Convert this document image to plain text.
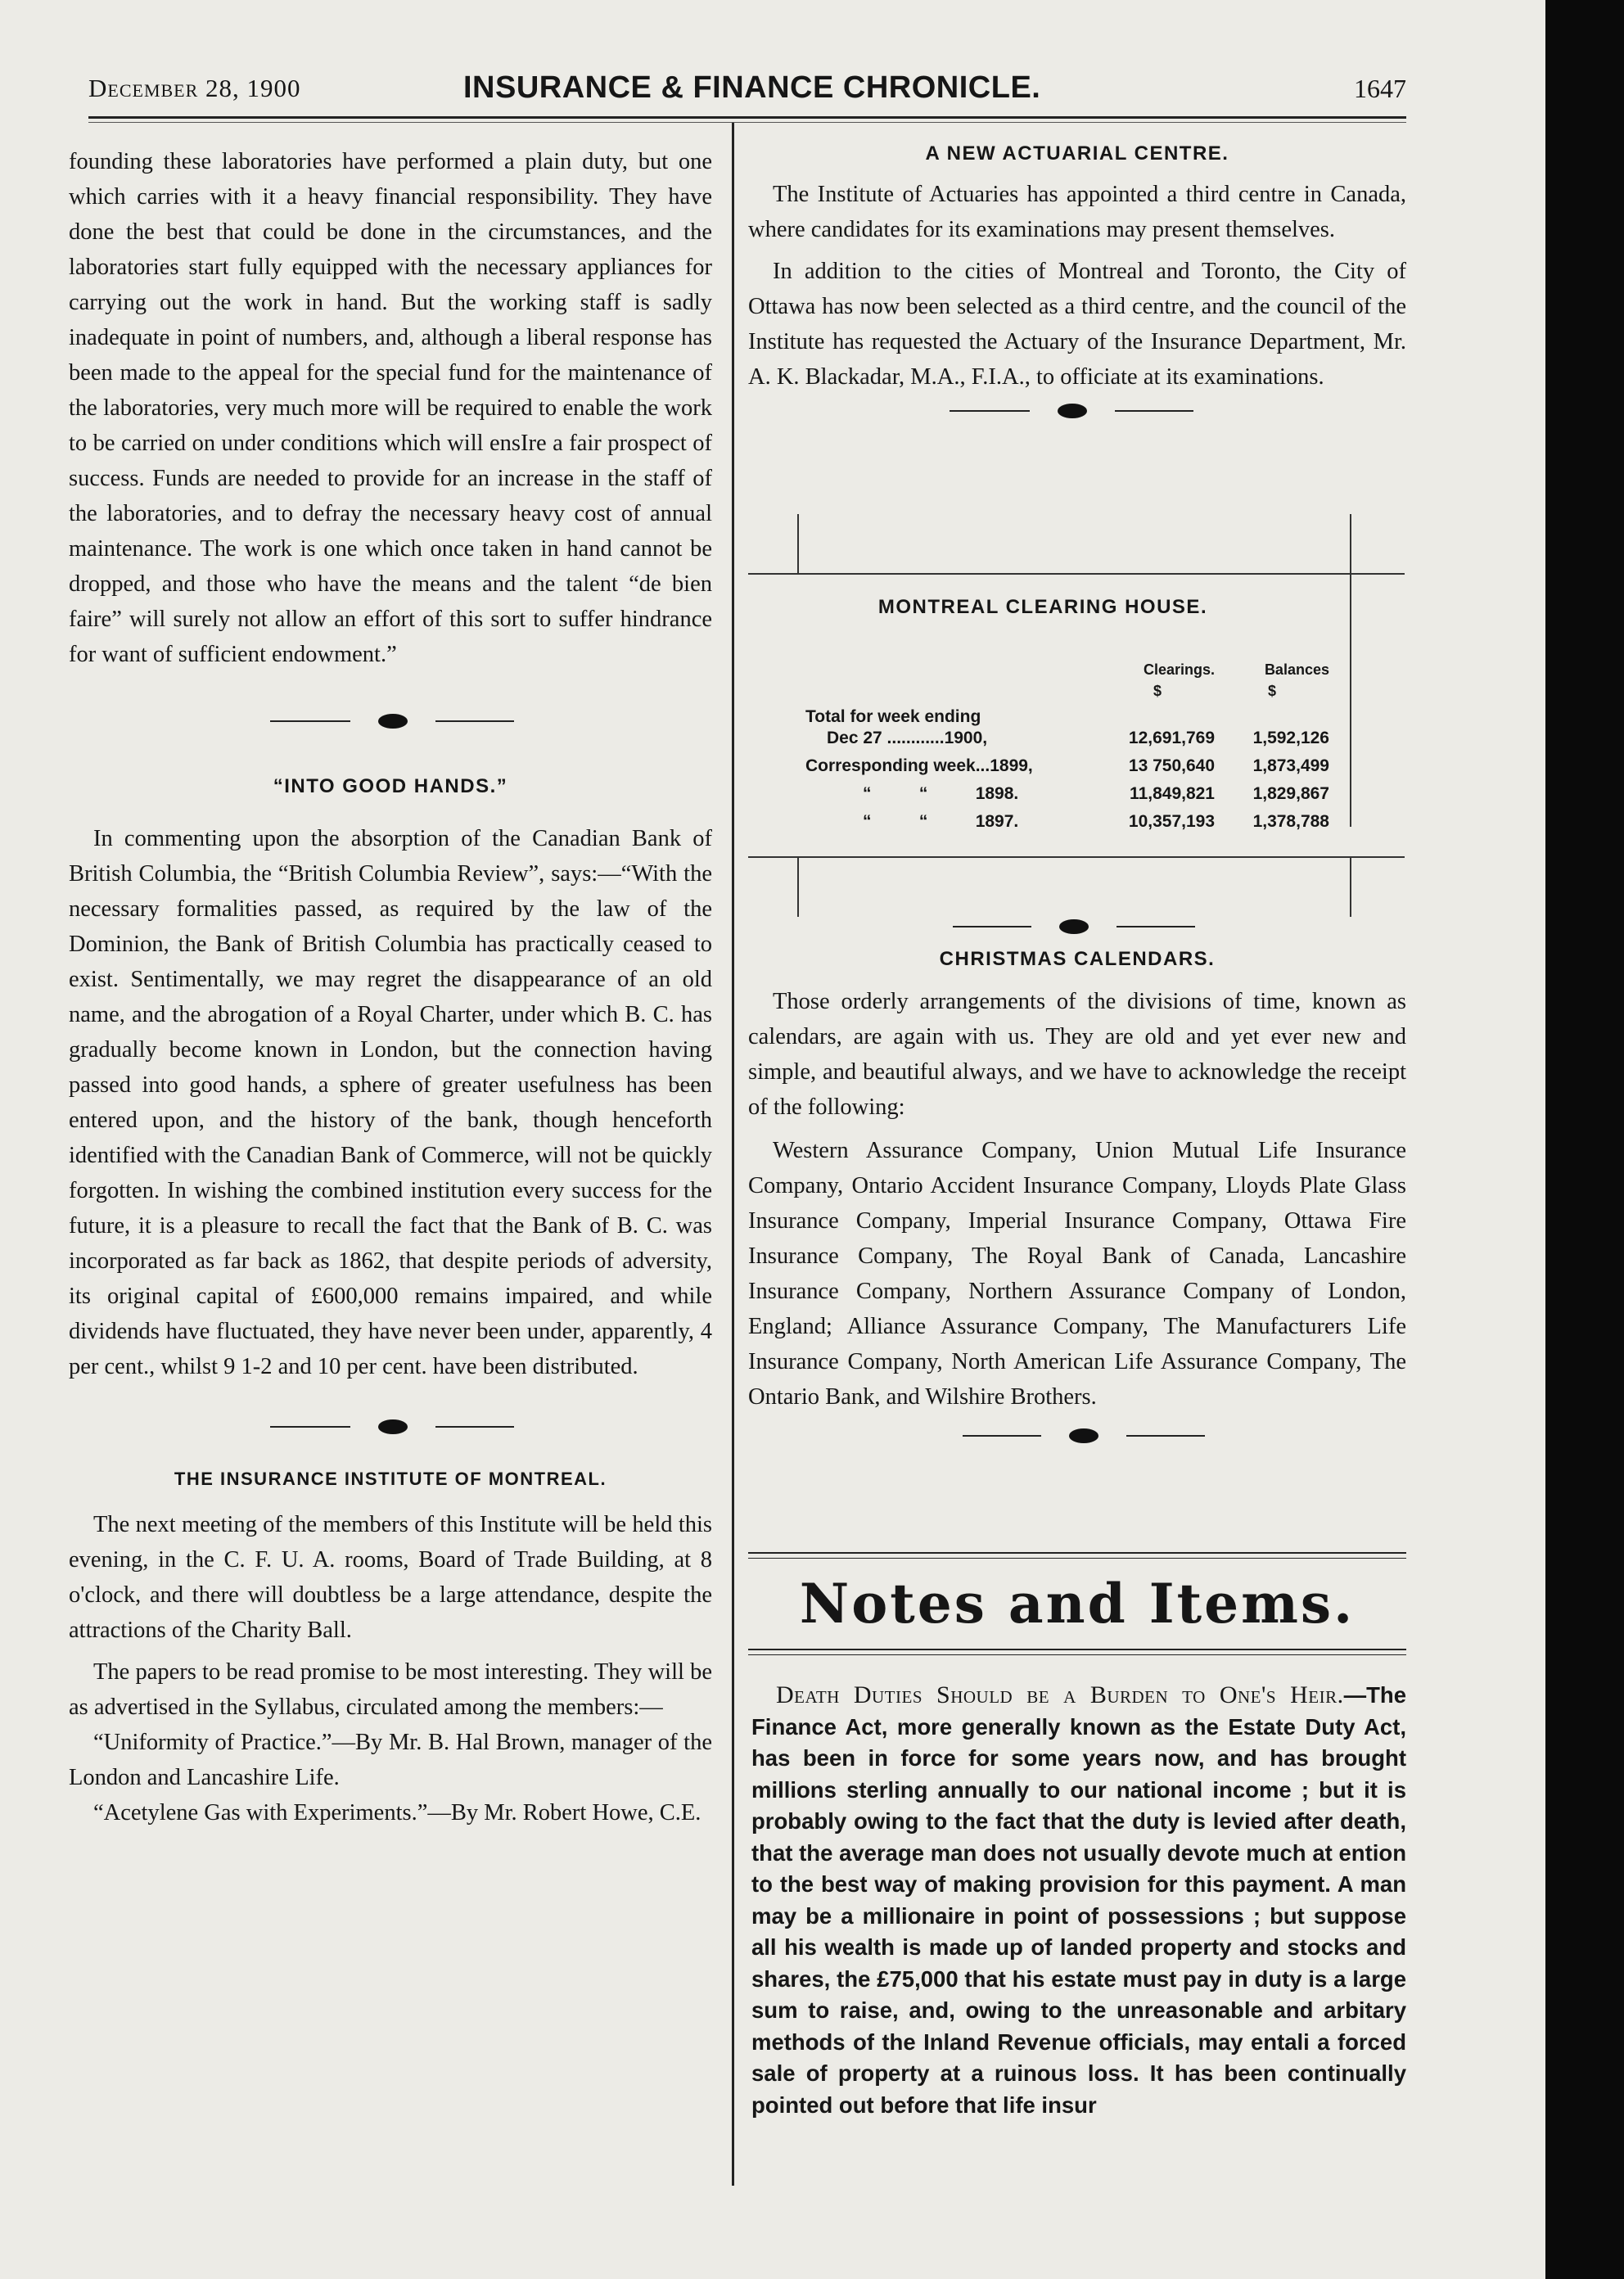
December 28, 1900	INSURANCE & FINANCE CHRONICLE.	1647

founding these laboratories have performed a plain duty, but one which carries with it a heavy financial responsibility. They have done the best that could be done in the circumstances, and the laboratories start fully equipped with the necessary appliances for carrying out the work in hand. But the working staff is sadly inadequate in point of numbers, and, although a liberal response has been made to the appeal for the special fund for the maintenance of the laboratories, very much more will be required to enable the work to be carried on under conditions which will ensIre a fair prospect of success. Funds are needed to provide for an increase in the staff of the laboratories, and to defray the necessary heavy cost of annual maintenance. The work is one which once taken in hand cannot be dropped, and those who have the means and the talent “de bien faire” will surely not allow an effort of this sort to suffer hindrance for want of sufficient endowment.”

“INTO GOOD HANDS.”

In commenting upon the absorption of the Canadian Bank of British Columbia, the “British Columbia Review”, says:—“With the necessary formalities passed, as required by the law of the Dominion, the Bank of British Columbia has practically ceased to exist. Sentimentally, we may regret the disappearance of an old name, and the abrogation of a Royal Charter, under which B. C. has gradually become known in London, but the connection having passed into good hands, a sphere of greater usefulness has been entered upon, and the history of the bank, though henceforth identified with the Canadian Bank of Commerce, will not be quickly forgotten. In wishing the combined institution every success for the future, it is a pleasure to recall the fact that the Bank of B. C. was incorporated as far back as 1862, that despite periods of adversity, its original capital of £600,000 remains impaired, and while dividends have fluctuated, they have never been under, apparently, 4 per cent., whilst 9 1-2 and 10 per cent. have been distributed.

THE INSURANCE INSTITUTE OF MONTREAL.

The next meeting of the members of this Institute will be held this evening, in the C. F. U. A. rooms, Board of Trade Building, at 8 o'clock, and there will doubtless be a large attendance, despite the attractions of the Charity Ball.

The papers to be read promise to be most interesting. They will be as advertised in the Syllabus, circulated among the members:—

“Uniformity of Practice.”—By Mr. B. Hal Brown, manager of the London and Lancashire Life.

“Acetylene Gas with Experiments.”—By Mr. Robert Howe, C.E.

A NEW ACTUARIAL CENTRE.

The Institute of Actuaries has appointed a third centre in Canada, where candidates for its examinations may present themselves.

In addition to the cities of Montreal and Toronto, the City of Ottawa has now been selected as a third centre, and the council of the Institute has requested the Actuary of the Insurance Department, Mr. A. K. Blackadar, M.A., F.I.A., to officiate at its examinations.

MONTREAL CLEARING HOUSE.
Clearings.	Balances
$	$
Total for week ending
Dec 27 ............1900,	12,691,769	1,592,126
Corresponding week...1899,	13 750,640	1,873,499
“          “          1898.	11,849,821	1,829,867
“          “          1897.	10,357,193	1,378,788
CHRISTMAS CALENDARS.

Those orderly arrangements of the divisions of time, known as calendars, are again with us. They are old and yet ever new and simple, and beautiful always, and we have to acknowledge the receipt of the following:

Western Assurance Company, Union Mutual Life Insurance Company, Ontario Accident Insurance Company, Lloyds Plate Glass Insurance Company, Imperial Insurance Company, Ottawa Fire Insurance Company, The Royal Bank of Canada, Lancashire Insurance Company, Northern Assurance Company of London, England; Alliance Assurance Company, The Manufacturers Life Insurance Company, North American Life Assurance Company, The Ontario Bank, and Wilshire Brothers.

Notes and Items.

Death Duties Should be a Burden to One's Heir.—The Finance Act, more generally known as the Estate Duty Act, has been in force for some years now, and has brought millions sterling annually to our national income ; but it is probably owing to the fact that the duty is levied after death, that the average man does not usually devote much at ention to the best way of making provision for this payment. A man may be a millionaire in point of possessions ; but suppose all his wealth is made up of landed property and stocks and shares, the £75,000 that his estate must pay in duty is a large sum to raise, and, owing to the unreasonable and arbitary methods of the Inland Revenue officials, may entali a forced sale of property at a ruinous loss. It has been continually pointed out before that life insur
